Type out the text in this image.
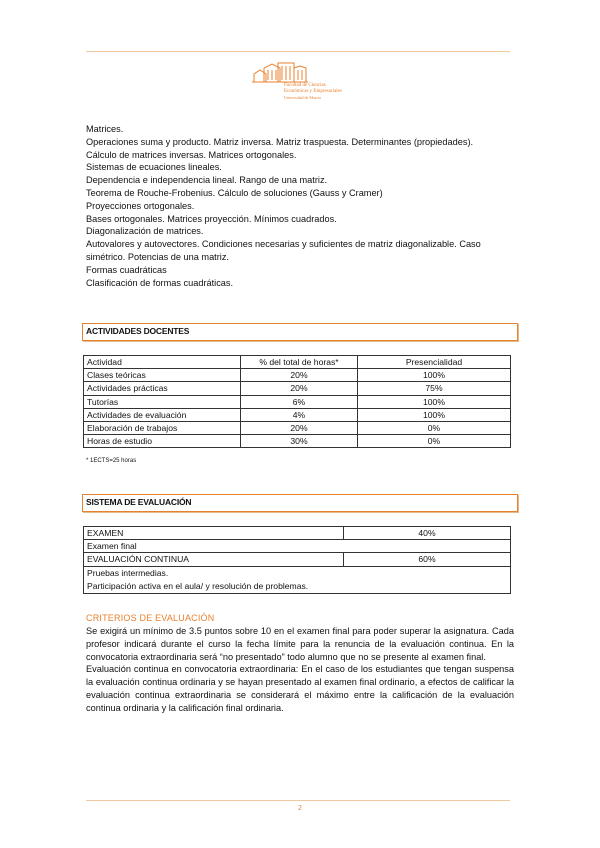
Facultad de Ciencias
Económicas y Empresariales
Universidad de Murcia
Matrices.
Operaciones suma y producto. Matriz inversa. Matriz traspuesta. Determinantes (propiedades).
Cálculo de matrices inversas. Matrices ortogonales.
Sistemas de ecuaciones lineales.
Dependencia e independencia lineal. Rango de una matriz.
Teorema de Rouche-Frobenius. Cálculo de soluciones (Gauss y Cramer)
Proyecciones ortogonales.
Bases ortogonales. Matrices proyección. Mínimos cuadrados.
Diagonalización de matrices.
Autovalores y autovectores. Condiciones necesarias y suficientes de matriz diagonalizable. Caso
simétrico. Potencias de una matriz.
Formas cuadráticas
Clasificación de formas cuadráticas.
ACTIVIDADES DOCENTES
Actividad	% del total de horas*	Presencialidad
Clases teóricas	20%	100%
Actividades prácticas	20%	75%
Tutorías	6%	100%
Actividades de evaluación	4%	100%
Elaboración de trabajos	20%	0%
Horas de estudio	30%	0%
* 1ECTS=25 horas
SISTEMA DE EVALUACIÓN
EXAMEN	40%
Examen final	
EVALUACIÓN CONTINUA	60%

Pruebas intermedias.
Participación activa en el aula/ y resolución de problemas.	
CRITERIOS DE EVALUACIÓN

Se exigirá un mínimo de 3.5 puntos sobre 10 en el examen final para poder superar la asignatura. Cada profesor indicará durante el curso la fecha límite para la renuncia de la evaluación continua. En la convocatoria extraordinaria será “no presentado” todo alumno que no se presente al examen final.

Evaluación continua en convocatoria extraordinaria: En el caso de los estudiantes que tengan suspensa la evaluación continua ordinaria y se hayan presentado al examen final ordinario, a efectos de calificar la evaluación continua extraordinaria se considerará el máximo entre la calificación de la evaluación continua ordinaria y la calificación final ordinaria.

2
